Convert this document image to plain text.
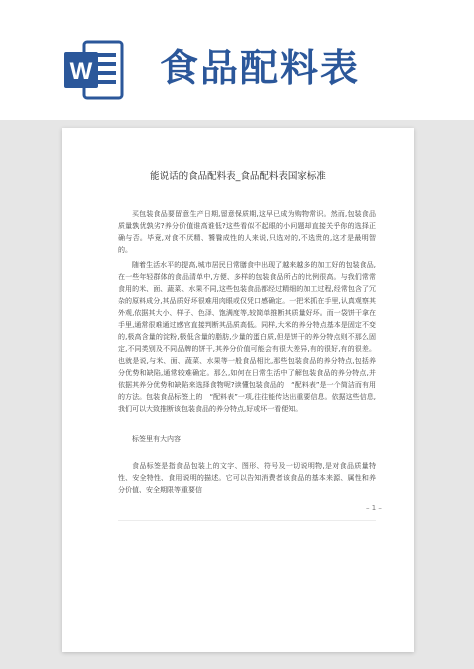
W 食品配料表
能说话的食品配料表_食品配料表国家标准
买包装食品要留意生产日期,留意保质期,这早已成为购物常识。然而,包装食品质量孰优孰劣?养分价值谁高谁低?这些看似不起眼的小问题却直接关乎你的选择正确与否。毕竟,对食不厌精、饕餮成性的人来说,只选对的,不选贵的,这才是最明智的。
随着生活水平的提高,城市居民日常膳食中出现了越来越多的加工好的包装食品,在一些年轻群体的食品清单中,方便、多样的包装食品所占的比例很高。与我们常常食用的米、面、蔬菜、水果不同,这些包装食品都经过精细的加工过程,经常包含了冗杂的原料成分,其品质好坏很难用肉眼或仅凭口感确定。一把米抓在手里,认真观察其外观,依据其大小、样子、色泽、饱满度等,较简单推断其质量好坏。而一袋饼干拿在手里,通常很难通过感官直接判断其品质高低。同样,大米的养分特点基本是固定不变的,极高含量的淀粉,极低含量的脂肪,少量的蛋白质,但是饼干的养分特点则不那么固定,不同类别及不同品牌的饼干,其养分价值可能会有很大差异,有的很好,有的很差。也就是说,与米、面、蔬菜、水果等一般食品相比,那些包装食品的养分特点,包括养分优势和缺陷,通常较难确定。那么,如何在日常生活中了解包装食品的养分特点,并依据其养分优势和缺陷来选择食物呢?读懂包装食品的　“配料表”是一个简洁而有用的方法。包装食品标签上的　“配料表”一项,往往能传达出重要信息。依据这些信息,我们可以大致推断该包装食品的养分特点,好或坏一看便知。
标签里有大内容
食品标签是指食品包装上的文字、图形、符号及一切说明物,是对食品质量特性、安全特性、食用说明的描述。它可以告知消费者该食品的基本来源、属性和养分价值、安全期限等重要信
– 1 –
